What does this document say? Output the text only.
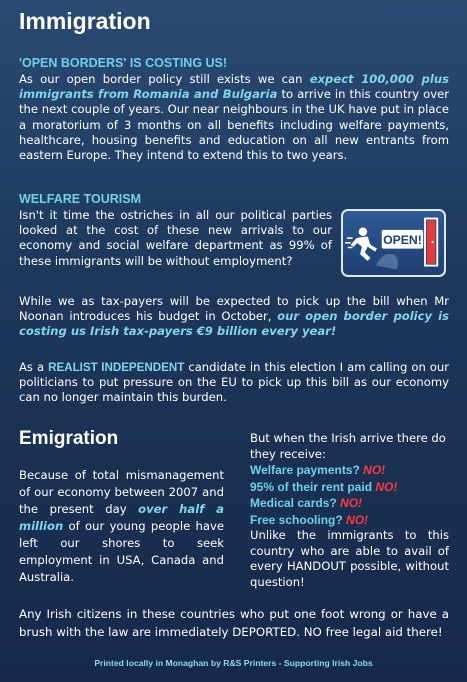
Immigration
'OPEN BORDERS' IS COSTING US!

As our open border policy still exists we can expect 100,000 plus immigrants from Romania and Bulgaria to arrive in this country over the next couple of years. Our near neighbours in the UK have put in place a moratorium of 3 months on all benefits including welfare payments, healthcare, housing benefits and education on all new entrants from eastern Europe. They intend to extend this to two years.

WELFARE TOURISM

Isn't it time the ostriches in all our political parties looked at the cost of these new arrivals to our economy and social welfare department as 99% of these immigrants will be without employment?

OPEN!

While we as tax-payers will be expected to pick up the bill when Mr Noonan introduces his budget in October, our open border policy is costing us Irish tax-payers €9 billion every year!

As a REALIST INDEPENDENT candidate in this election I am calling on our politicians to put pressure on the EU to pick up this bill as our economy can no longer maintain this burden.

Emigration

Because of total mismanagement of our economy between 2007 and the present day over half a million of our young people have left our shores to seek employment in USA, Canada and Australia.

But when the Irish arrive there do they receive:

Welfare payments? NO!
95% of their rent paid NO!
Medical cards? NO!
Free schooling? NO!

Unlike the immigrants to this country who are able to avail of every HANDOUT possible, without question!

Any Irish citizens in these countries who put one foot wrong or have a brush with the law are immediately DEPORTED. NO free legal aid there!

Printed locally in Monaghan by R&S Printers - Supporting Irish Jobs
